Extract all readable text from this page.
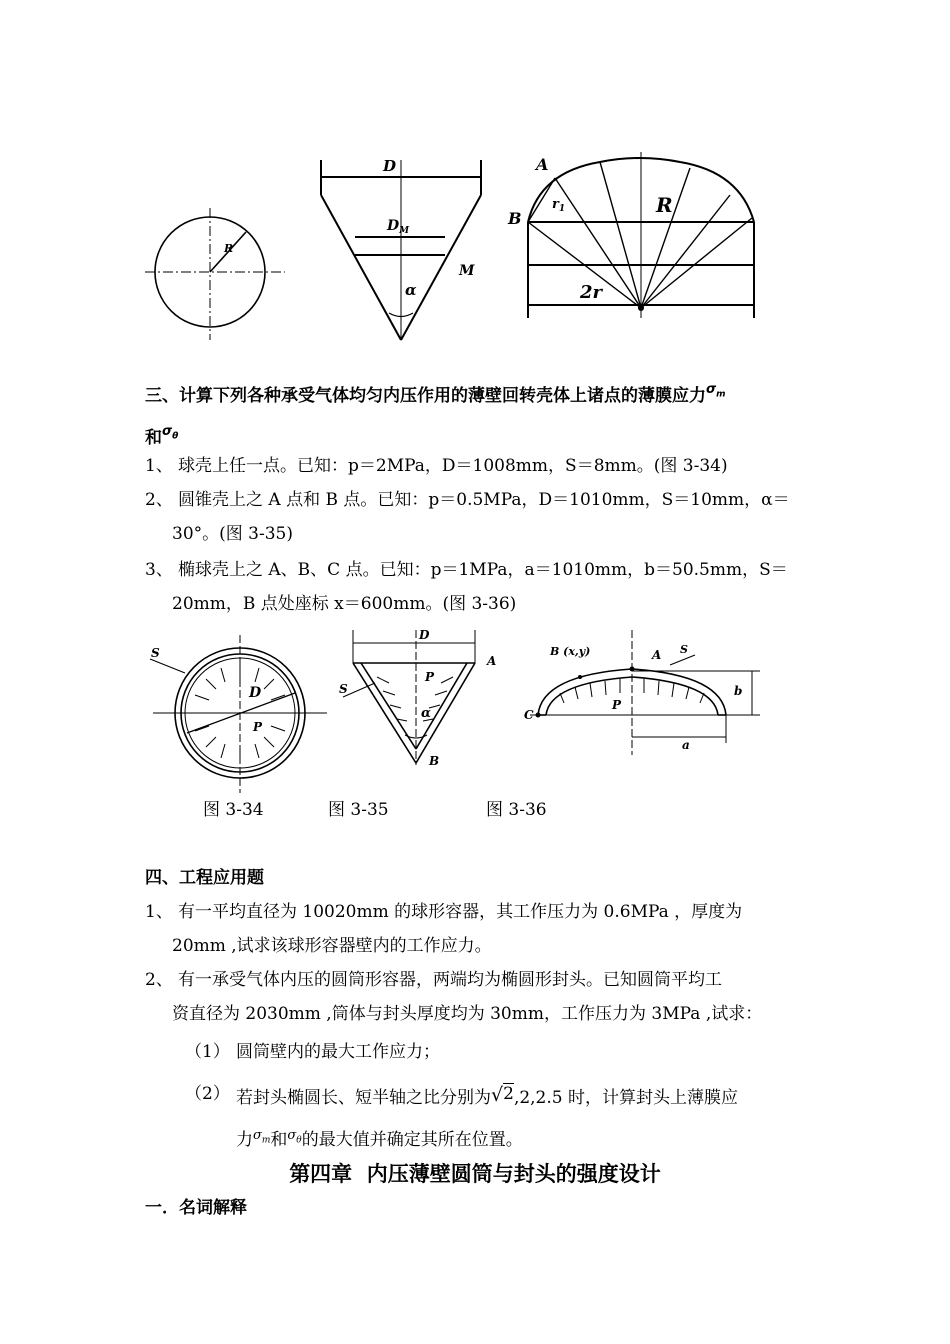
R
D
$D_M$
α
M
A
B
$r_1$	R
2r
三、计算下列各种承受气体均匀内压作用的薄壁回转壳体上诸点的薄膜应力$^{\sigma_m}$
和$^{\sigma_\theta}$
1、 球壳上任一点。已知：p＝2MPa，D＝1008mm，S＝8mm。(图 3-34)
2、 圆锥壳上之 A 点和 B 点。已知：p＝0.5MPa，D＝1010mm，S＝10mm，α＝
30°。(图 3-35)
3、 椭球壳上之 A、B、C 点。已知：p＝1MPa，a＝1010mm，b＝50.5mm，S＝
20mm，B 点处座标 x＝600mm。(图 3-36)
S
D
P
D
A
S
P
α
B
B (x,y)	A S
b
C
P
a
图 3-34	图 3-35	图 3-36
四、工程应用题
1、 有一平均直径为 10020mm 的球形容器，其工作压力为 0.6MPa ，厚度为
20mm ,试求该球形容器壁内的工作应力。
2、 有一承受气体内压的圆筒形容器，两端均为椭圆形封头。已知圆筒平均工
资直径为 2030mm ,筒体与封头厚度均为 30mm，工作压力为 3MPa ,试求：
（1） 圆筒壁内的最大工作应力；
（2） 若封头椭圆长、短半轴之比分别为√2,2,2.5 时，计算封头上薄膜应
力$^{\sigma_m}$和$^{\sigma_\theta}$的最大值并确定其所在位置。
第四章  内压薄壁圆筒与封头的强度设计
一．名词解释
